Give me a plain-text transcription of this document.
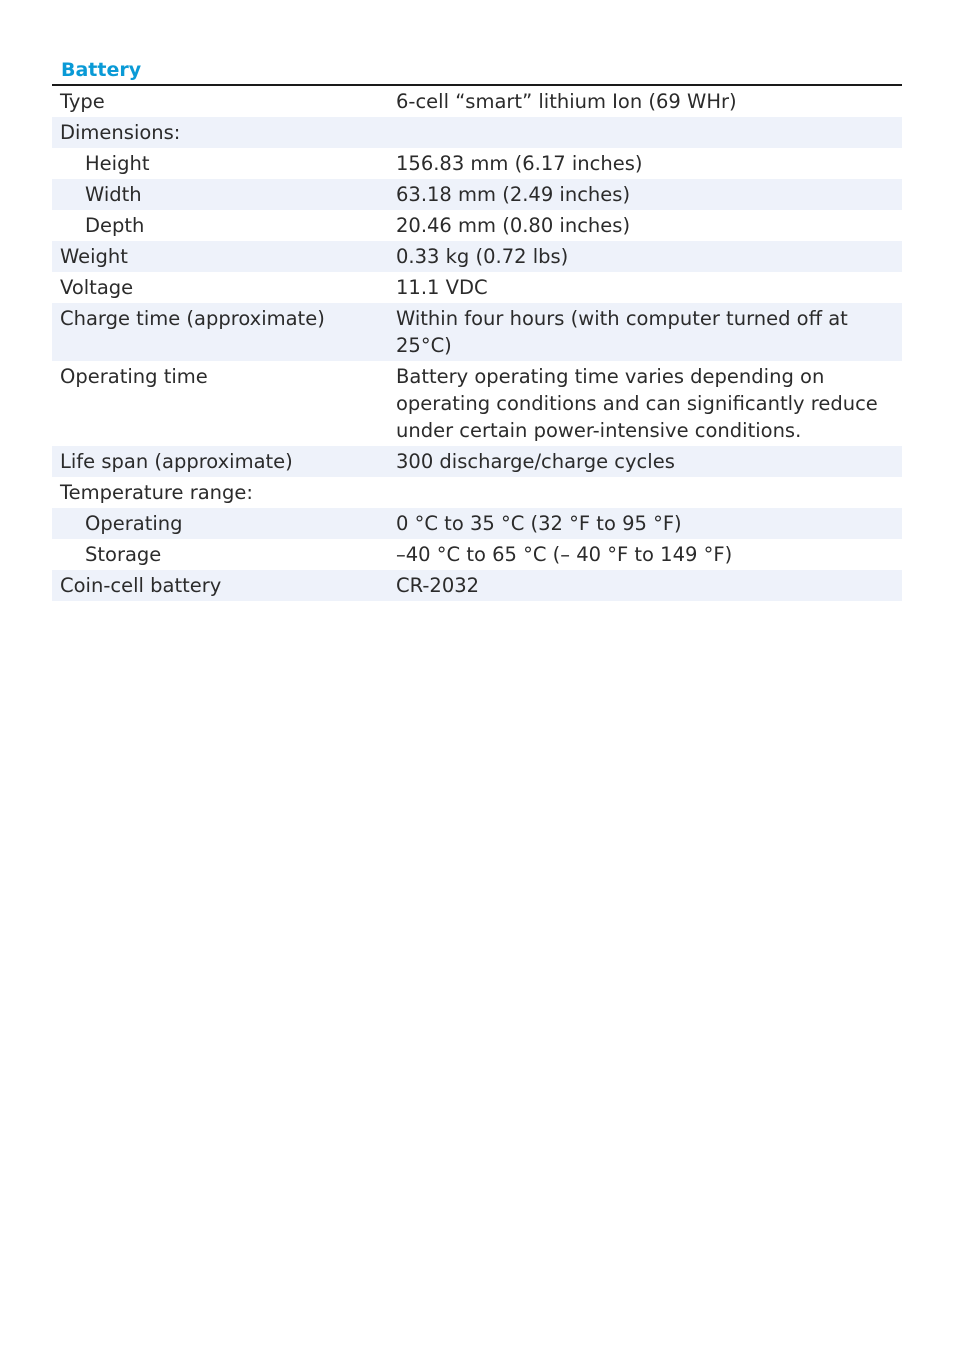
Battery
Type	6-cell “smart” lithium Ion (69 WHr)
Dimensions:	
Height	156.83 mm (6.17 inches)
Width	63.18 mm (2.49 inches)
Depth	20.46 mm (0.80 inches)
Weight	0.33 kg (0.72 lbs)
Voltage	11.1 VDC
Charge time (approximate)	Within four hours (with computer turned off at 25°C)
Operating time	Battery operating time varies depending on operating conditions and can significantly reduce under certain power-intensive conditions.
Life span (approximate)	300 discharge/charge cycles
Temperature range:	
Operating	0 °C to 35 °C (32 °F to 95 °F)
Storage	–40 °C to 65 °C (– 40 °F to 149 °F)
Coin-cell battery	CR-2032
